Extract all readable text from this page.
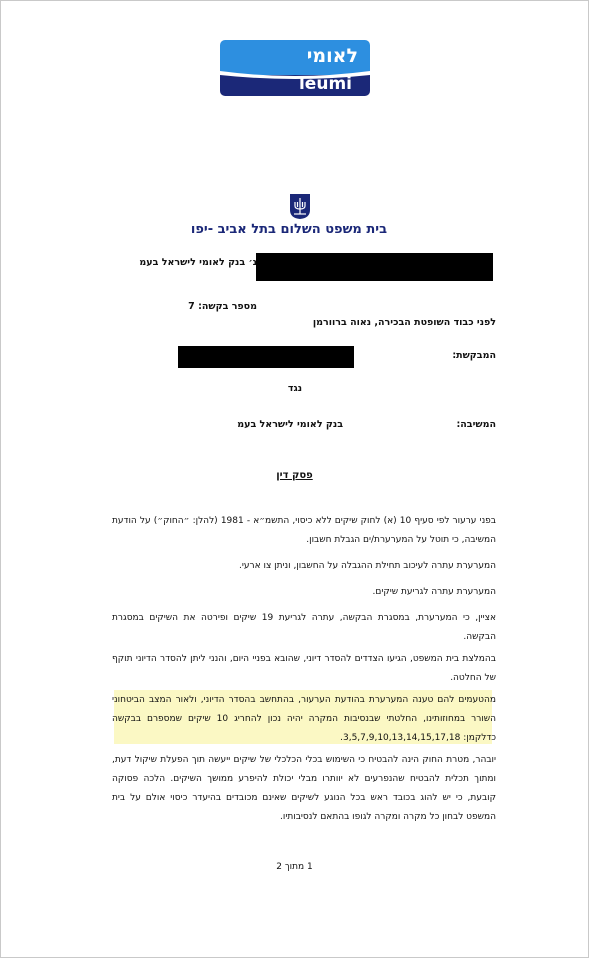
לאומי
leumi
בית משפט השלום בתל אביב -יפו
נ׳ בנק לאומי לישראל בעמ
מספר בקשה: 7
לפני כבוד השופטת הבכירה, נאוה ברוורמן
המבקשת:
נגד
המשיבה:
בנק לאומי לישראל בעמ
פסק דין
בפני ערעור לפי סעיף 10 (א) לחוק שיקים ללא כיסוי, התשמ״א - 1981 (להלן: ״החוק״) על הודעת המשיבה, כי תוטל על המערערת/ים הגבלת חשבון.
המערערת עתרה לעיכוב תחילת ההגבלה על החשבון, וניתן צו ארעי.
המערערת עתרה לגריעת שיקים.
אציין, כי המערערת, במסגרת הבקשה, עתרה לגריעת 19 שיקים ופירטה את השיקים במסגרת הבקשה.
בהמלצת בית המשפט, הגיעו הצדדים להסדר דיוני, שהובא בפניי היום, והנני ליתן להסדר הדיוני תוקף של החלטה.
מהטעמים להם טענה המערערת בהודעת הערעור, בהתחשב בהסדר הדיוני, ולאור המצב הביטחוני השורר במחוזותינו, החלטתי שבנסיבות המקרה יהיה נכון להחריג 10 שיקים שמספרם בבקשה כדלקמן: 3,5,7,9,10,13,14,15,17,18.
יובהר, מטרת החוק הינה להבטיח כי השימוש בכלי הכלכלי של שיקים ייעשה תוך הפעלת שיקול דעת, ומתוך תכלית להבטיח שהנפרעים לא יוותרו מבלי יכולת להיפרע ממושך השיקים. הלכה פסוקה קובעת, כי יש להוג בכובד ראש בכל הנוגע לשיקים שאינם מכובדים בהיעדר כיסוי אולם על בית המשפט לבחון כל מקרה ומקרה לגופו בהתאם לנסיבותיו.
1 מתוך 2
